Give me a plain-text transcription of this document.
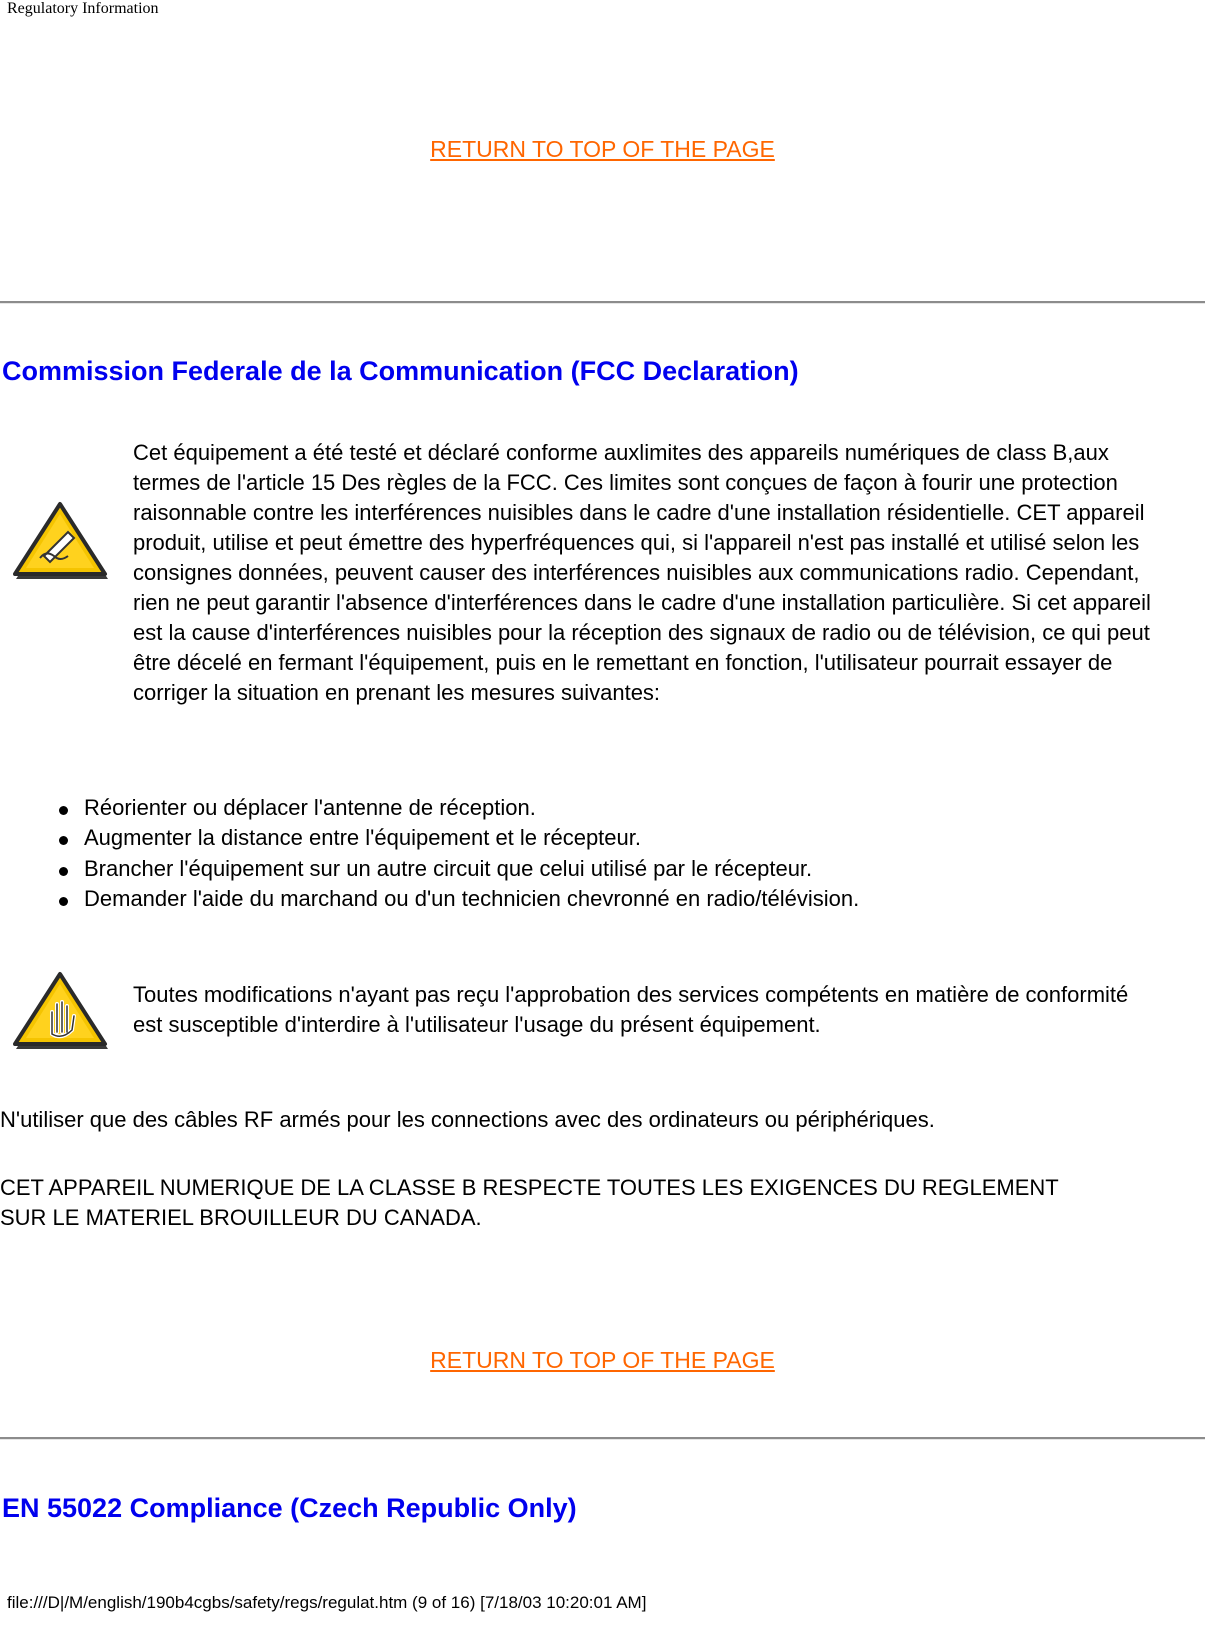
Regulatory Information
RETURN TO TOP OF THE PAGE
Commission Federale de la Communication (FCC Declaration)
Cet équipement a été testé et déclaré conforme auxlimites des appareils numériques de class B,aux termes de l'article 15 Des règles de la FCC. Ces limites sont conçues de façon à fourir une protection raisonnable contre les interférences nuisibles dans le cadre d'une installation résidentielle. CET appareil produit, utilise et peut émettre des hyperfréquences qui, si l'appareil n'est pas installé et utilisé selon les consignes données, peuvent causer des interférences nuisibles aux communications radio. Cependant, rien ne peut garantir l'absence d'interférences dans le cadre d'une installation particulière. Si cet appareil est la cause d'interférences nuisibles pour la réception des signaux de radio ou de télévision, ce qui peut être décelé en fermant l'équipement, puis en le remettant en fonction, l'utilisateur pourrait essayer de corriger la situation en prenant les mesures suivantes:
Réorienter ou déplacer l'antenne de réception.
Augmenter la distance entre l'équipement et le récepteur.
Brancher l'équipement sur un autre circuit que celui utilisé par le récepteur.
Demander l'aide du marchand ou d'un technicien chevronné en radio/télévision.
Toutes modifications n'ayant pas reçu l'approbation des services compétents en matière de conformité est susceptible d'interdire à l'utilisateur l'usage du présent équipement.
N'utiliser que des câbles RF armés pour les connections avec des ordinateurs ou périphériques.
CET APPAREIL NUMERIQUE DE LA CLASSE B RESPECTE TOUTES LES EXIGENCES DU REGLEMENT SUR LE MATERIEL BROUILLEUR DU CANADA.
RETURN TO TOP OF THE PAGE
EN 55022 Compliance (Czech Republic Only)
file:///D|/M/english/190b4cgbs/safety/regs/regulat.htm (9 of 16) [7/18/03 10:20:01 AM]
